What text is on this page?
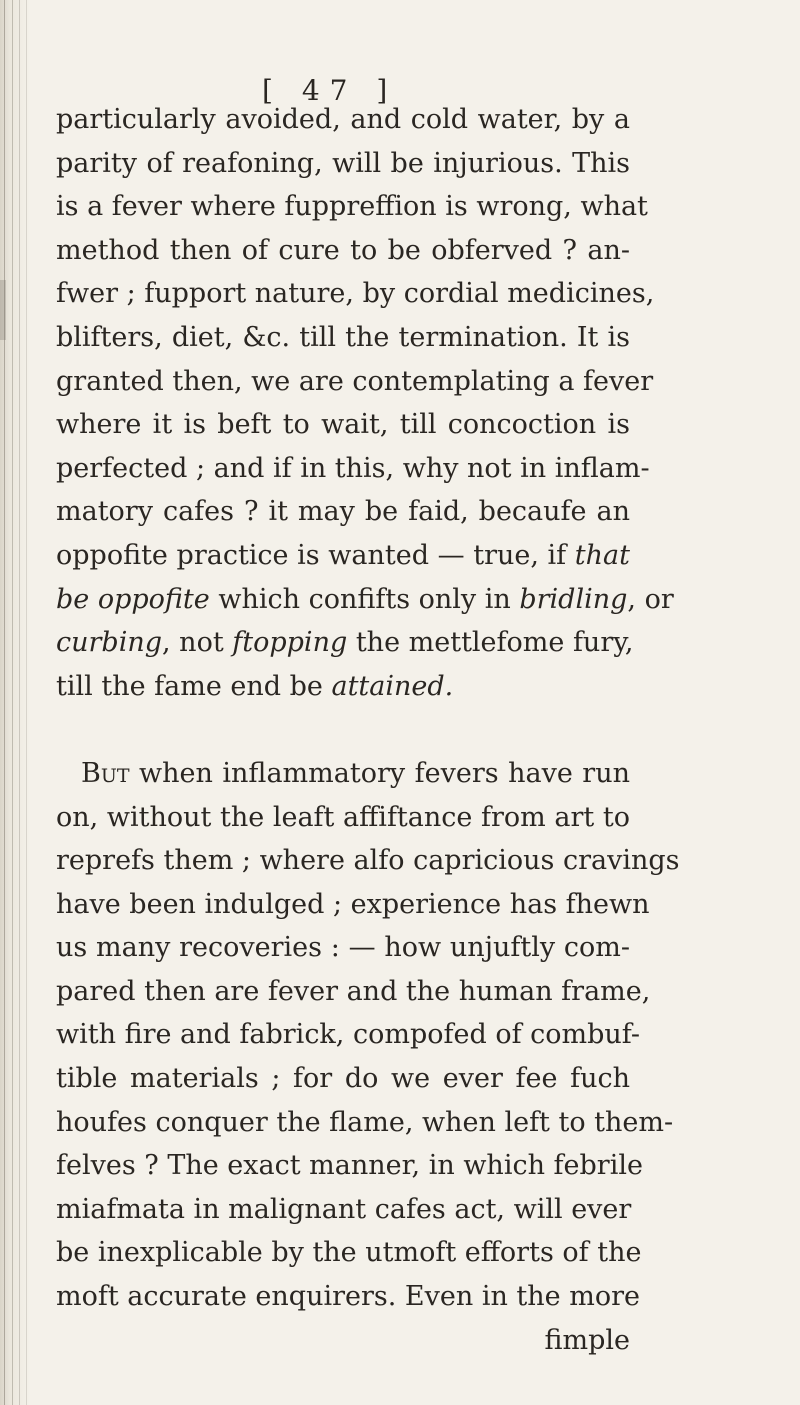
[ 47 ]
particularly avoided, and cold water, by a
parity of reafoning, will be injurious. This
is a fever where fuppreffion is wrong, what
method then of cure to be obferved ? an-
fwer ; fupport nature, by cordial medicines,
blifters, diet, &c. till the termination. It is
granted then, we are contemplating a fever
where it is beft to wait, till concoction is
perfected ; and if in this, why not in inflam-
matory cafes ? it may be faid, becaufe an
oppofite practice is wanted — true, if that
be oppofite which confifts only in bridling, or
curbing, not ftopping the mettlefome fury,
till the fame end be attained.
But when inflammatory fevers have run
on, without the leaft affiftance from art to
reprefs them ; where alfo capricious cravings
have been indulged ; experience has fhewn
us many recoveries : — how unjuftly com-
pared then are fever and the human frame,
with fire and fabrick, compofed of combuf-
tible materials ; for do we ever fee fuch
houfes conquer the flame, when left to them-
felves ? The exact manner, in which febrile
miafmata in malignant cafes act, will ever
be inexplicable by the utmoft efforts of the
moft accurate enquirers. Even in the more
fimple
